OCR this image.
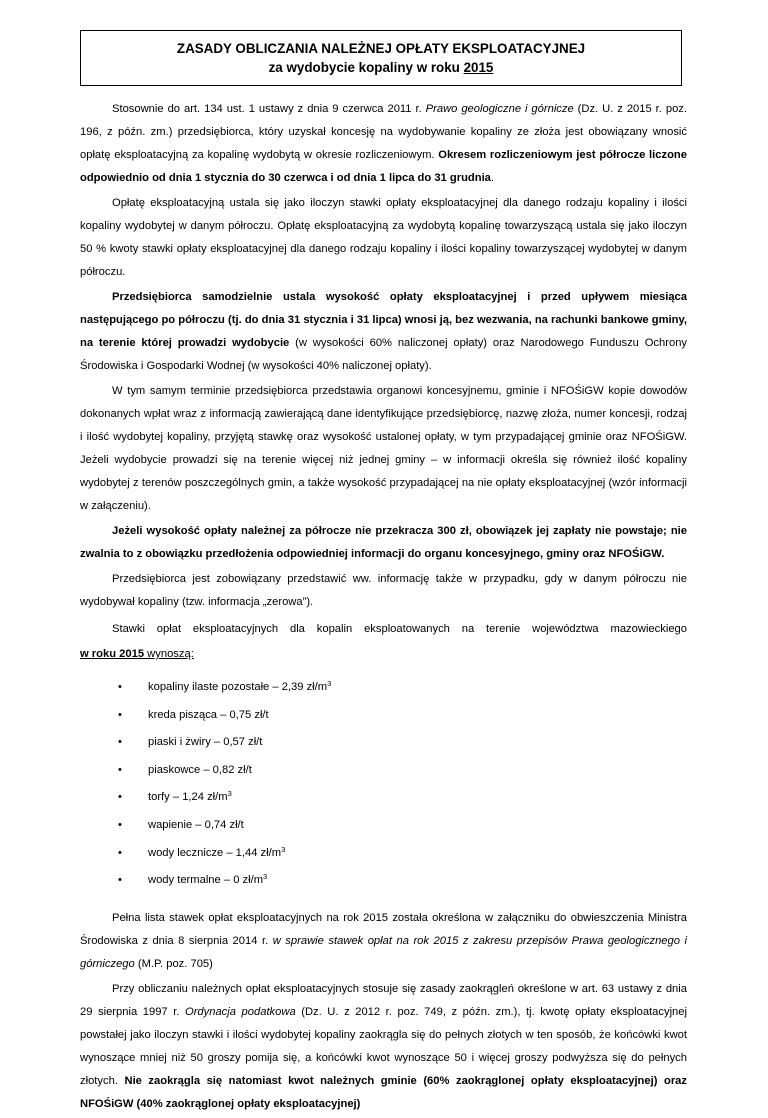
ZASADY OBLICZANIA NALEŻNEJ OPŁATY EKSPLOATACYJNEJ
za wydobycie kopaliny w roku 2015

Stosownie do art. 134 ust. 1 ustawy z dnia 9 czerwca 2011 r. Prawo geologiczne i górnicze (Dz. U. z 2015 r. poz. 196, z późn. zm.) przedsiębiorca, który uzyskał koncesję na wydobywanie kopaliny ze złoża jest obowiązany wnosić opłatę eksploatacyjną za kopalinę wydobytą w okresie rozliczeniowym. Okresem rozliczeniowym jest półrocze liczone odpowiednio od dnia 1 stycznia do 30 czerwca i od dnia 1 lipca do 31 grudnia.

Opłatę eksploatacyjną ustala się jako iloczyn stawki opłaty eksploatacyjnej dla danego rodzaju kopaliny i ilości kopaliny wydobytej w danym półroczu. Opłatę eksploatacyjną za wydobytą kopalinę towarzyszącą ustala się jako iloczyn 50 % kwoty stawki opłaty eksploatacyjnej dla danego rodzaju kopaliny i ilości kopaliny towarzyszącej wydobytej w danym półroczu.

Przedsiębiorca samodzielnie ustala wysokość opłaty eksploatacyjnej i przed upływem miesiąca następującego po półroczu (tj. do dnia 31 stycznia i 31 lipca) wnosi ją, bez wezwania, na rachunki bankowe gminy, na terenie której prowadzi wydobycie (w wysokości 60% naliczonej opłaty) oraz Narodowego Funduszu Ochrony Środowiska i Gospodarki Wodnej (w wysokości 40% naliczonej opłaty).

W tym samym terminie przedsiębiorca przedstawia organowi koncesyjnemu, gminie i NFOŚiGW kopie dowodów dokonanych wpłat wraz z informacją zawierającą dane identyfikujące przedsiębiorcę, nazwę złoża, numer koncesji, rodzaj i ilość wydobytej kopaliny, przyjętą stawkę oraz wysokość ustalonej opłaty, w tym przypadającej gminie oraz NFOŚiGW. Jeżeli wydobycie prowadzi się na terenie więcej niż jednej gminy – w informacji określa się również ilość kopaliny wydobytej z terenów poszczególnych gmin, a także wysokość przypadającej na nie opłaty eksploatacyjnej (wzór informacji w załączeniu).

Jeżeli wysokość opłaty należnej za półrocze nie przekracza 300 zł, obowiązek jej zapłaty nie powstaje; nie zwalnia to z obowiązku przedłożenia odpowiedniej informacji do organu koncesyjnego, gminy oraz NFOŚiGW.

Przedsiębiorca jest zobowiązany przedstawić ww. informację także w przypadku, gdy w danym półroczu nie wydobywał kopaliny (tzw. informacja „zerowa”).

Stawki opłat eksploatacyjnych dla kopalin eksploatowanych na terenie województwa mazowieckiego

w roku 2015 wynoszą:

• kopaliny ilaste pozostałe – 2,39 $zł/m^3$
• kreda pisząca – 0,75 zł/t
• piaski i żwiry – 0,57 zł/t
• piaskowce – 0,82 zł/t
• torfy – 1,24 $zł/m^3$
• wapienie – 0,74 zł/t
• wody lecznicze – 1,44 $zł/m^3$
• wody termalne – 0 $zł/m^3$

Pełna lista stawek opłat eksploatacyjnych na rok 2015 została określona w załączniku do obwieszczenia Ministra Środowiska z dnia 8 sierpnia 2014 r. w sprawie stawek opłat na rok 2015 z zakresu przepisów Prawa geologicznego i górniczego (M.P. poz. 705)

Przy obliczaniu należnych opłat eksploatacyjnych stosuje się zasady zaokrągleń określone w art. 63 ustawy z dnia 29 sierpnia 1997 r. Ordynacja podatkowa (Dz. U. z 2012 r. poz. 749, z późn. zm.), tj. kwotę opłaty eksploatacyjnej powstałej jako iloczyn stawki i ilości wydobytej kopaliny zaokrągla się do pełnych złotych w ten sposób, że końcówki kwot wynoszące mniej niż 50 groszy pomija się, a końcówki kwot wynoszące 50 i więcej groszy podwyższa się do pełnych złotych. Nie zaokrągla się natomiast kwot należnych gminie (60% zaokrąglonej opłaty eksploatacyjnej) oraz NFOŚiGW (40% zaokrąglonej opłaty eksploatacyjnej)
